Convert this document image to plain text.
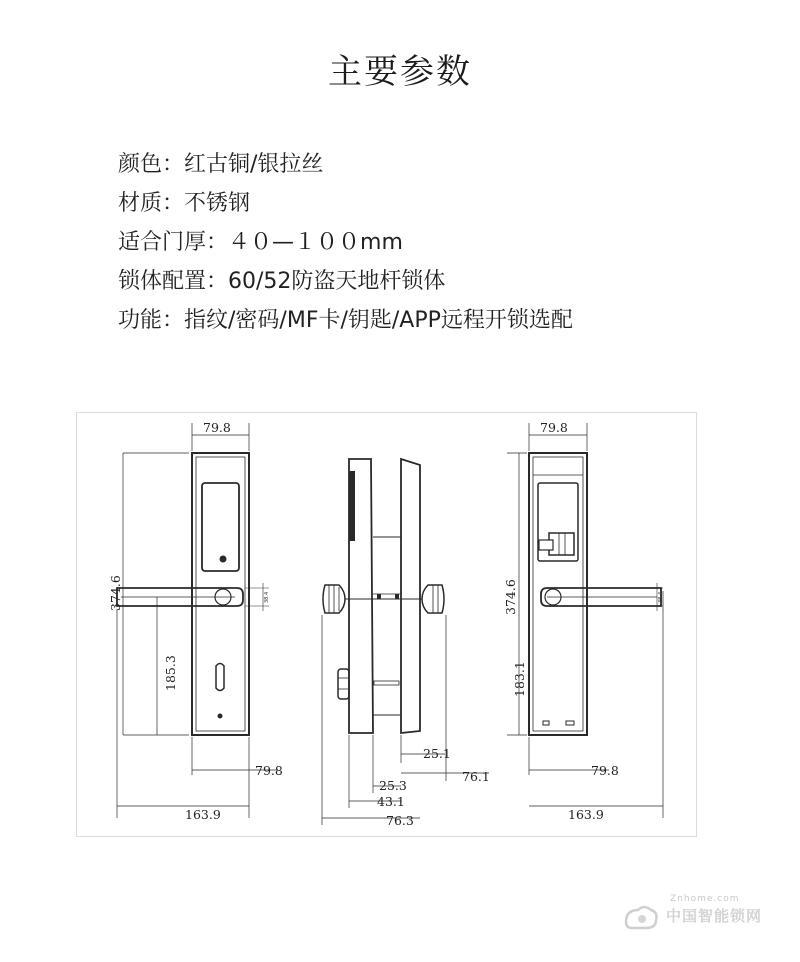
主要参数
颜色：红古铜/银拉丝
材质：不锈钢
适合门厚：４０—１００mm
锁体配置：60/52防盗天地杆锁体
功能：指纹/密码/MF卡/钥匙/APP远程开锁选配
79.8
374.6
185.3
38.4
79.8
163.9
25.1
76.1
25.3
43.1
76.3
79.8
374.6
183.1
38.4
79.8
163.9
Znhome.com
中国智能锁网
